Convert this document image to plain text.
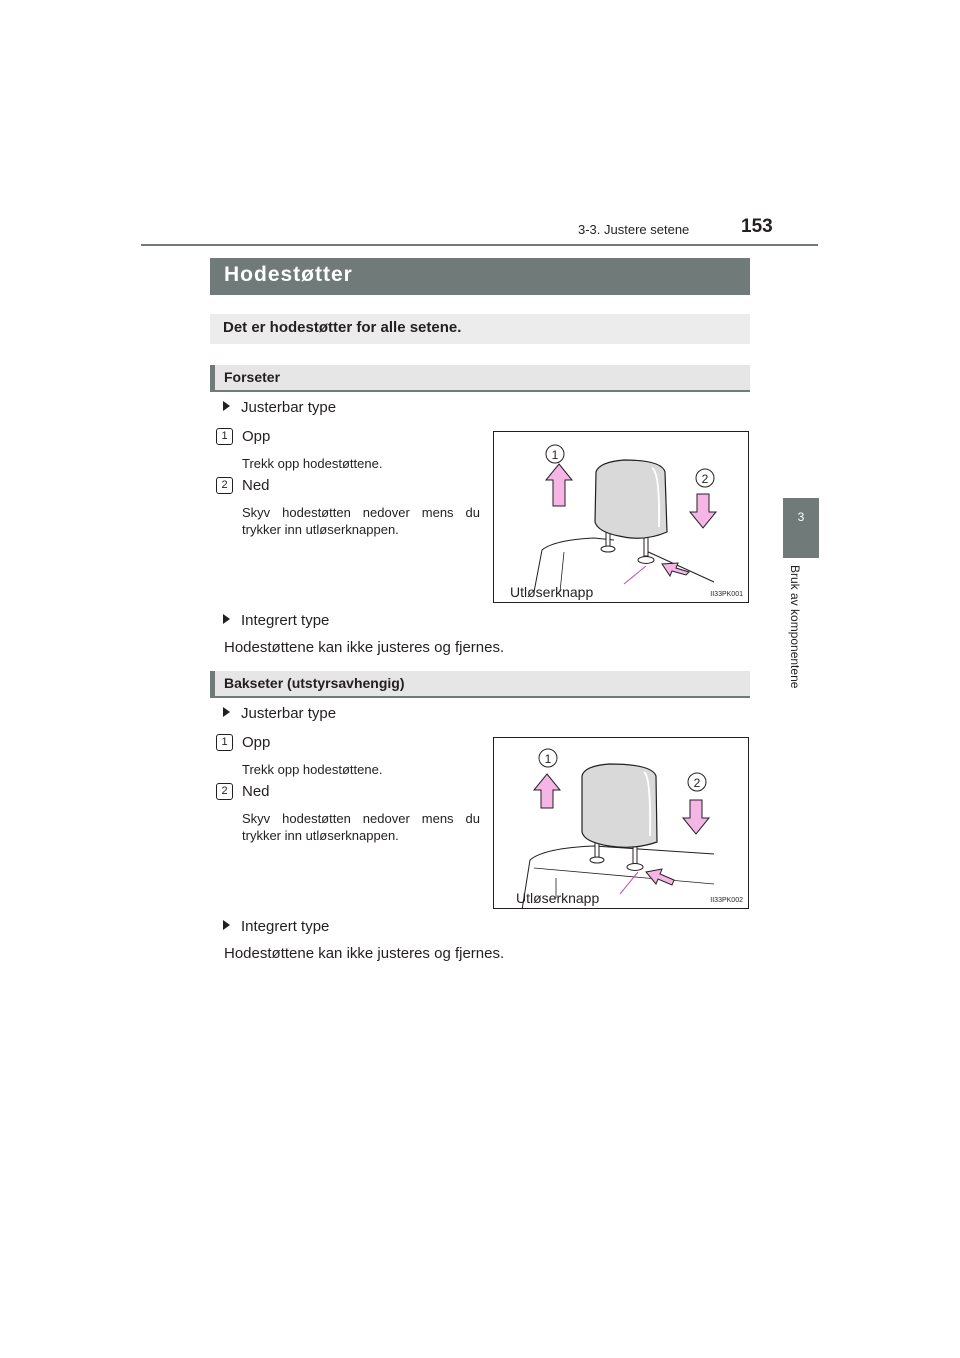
3-3. Justere setene	153
3
Bruk av komponentene
Hodestøtter
Det er hodestøtter for alle setene.
Forseter
Justerbar type
1 Opp
Trekk opp hodestøttene.
2 Ned
Skyv hodestøtten nedover mens du trykker inn utløserknappen.
1
2
Utløserknapp	II33PK001
Integrert type
Hodestøttene kan ikke justeres og fjernes.
Bakseter (utstyrsavhengig)
Justerbar type
1 Opp
Trekk opp hodestøttene.
2 Ned
Skyv hodestøtten nedover mens du trykker inn utløserknappen.
1
2
Utløserknapp	II33PK002
Integrert type
Hodestøttene kan ikke justeres og fjernes.
